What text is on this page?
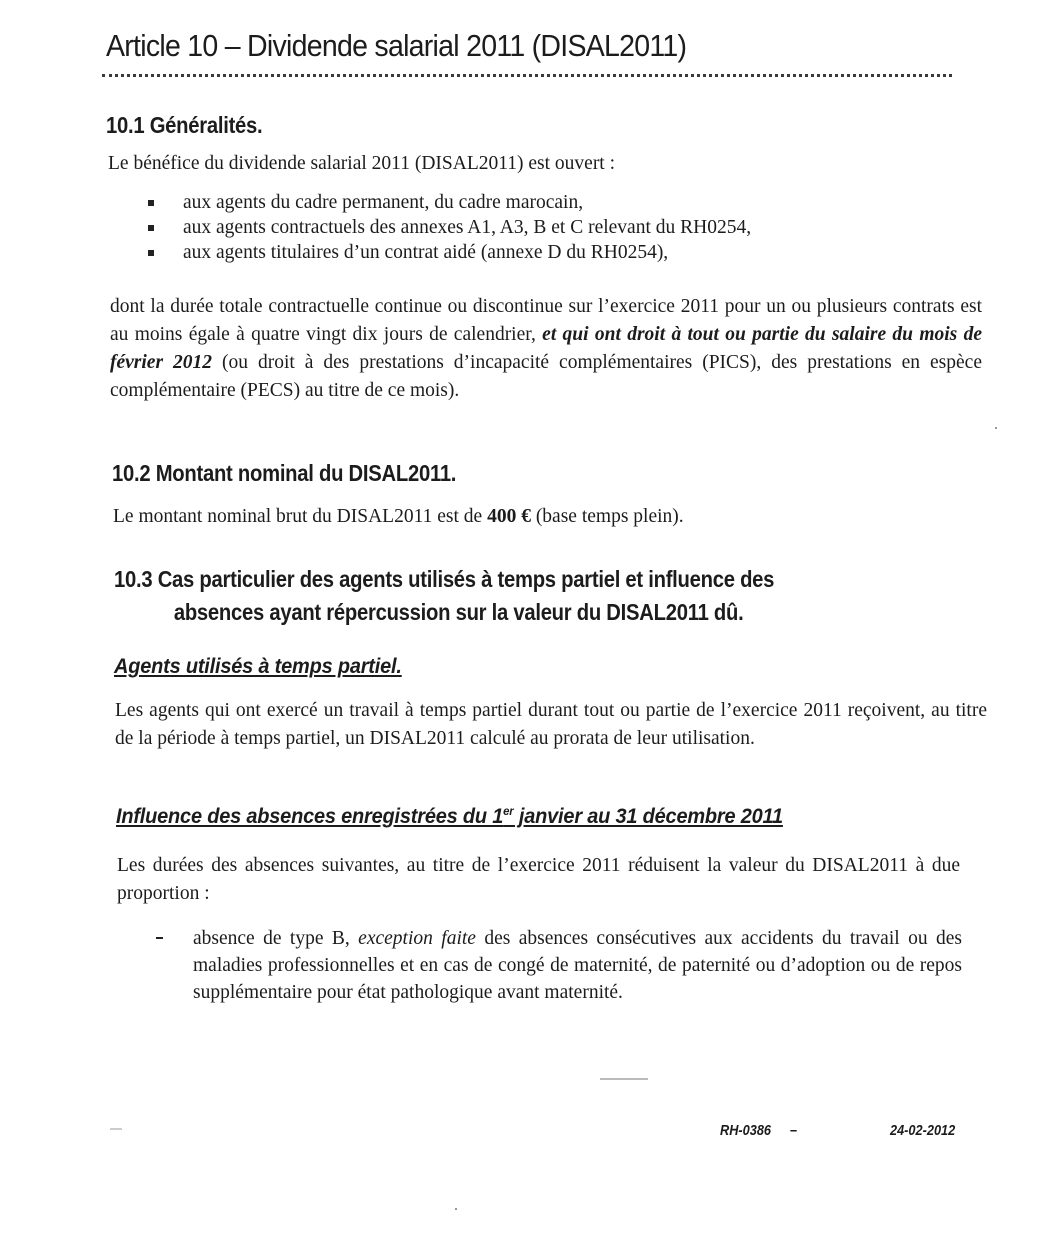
Article 10 – Dividende salarial 2011 (DISAL2011)
10.1 Généralités.
Le bénéfice du dividende salarial 2011 (DISAL2011) est ouvert :
aux agents du cadre permanent, du cadre marocain,
aux agents contractuels des annexes A1, A3, B et C relevant du RH0254,
aux agents titulaires d’un contrat aidé (annexe D du RH0254),

dont la durée totale contractuelle continue ou discontinue sur l’exercice 2011 pour un ou plusieurs contrats est au moins égale à quatre vingt dix jours de calendrier, et qui ont droit à tout ou partie du salaire du mois de février 2012 (ou droit à des prestations d’incapacité complémentaires (PICS), des prestations en espèce complémentaire (PECS) au titre de ce mois).

10.2 Montant nominal du DISAL2011.

Le montant nominal brut du DISAL2011 est de 400 € (base temps plein).

10.3 Cas particulier des agents utilisés à temps partiel et influence des
absences ayant répercussion sur la valeur du DISAL2011 dû.
Agents utilisés à temps partiel.

Les agents qui ont exercé un travail à temps partiel durant tout ou partie de l’exercice 2011 reçoivent, au titre de la période à temps partiel, un DISAL2011 calculé au prorata de leur utilisation.

Influence des absences enregistrées du 1er janvier au 31 décembre 2011

Les durées des absences suivantes, au titre de l’exercice 2011 réduisent la valeur du DISAL2011 à due proportion :

absence de type B, exception faite des absences consécutives aux accidents du travail ou des maladies professionnelles et en cas de congé de maternité, de paternité ou d’adoption ou de repos supplémentaire pour état pathologique avant maternité.

RH-0386 –	24-02-2012
